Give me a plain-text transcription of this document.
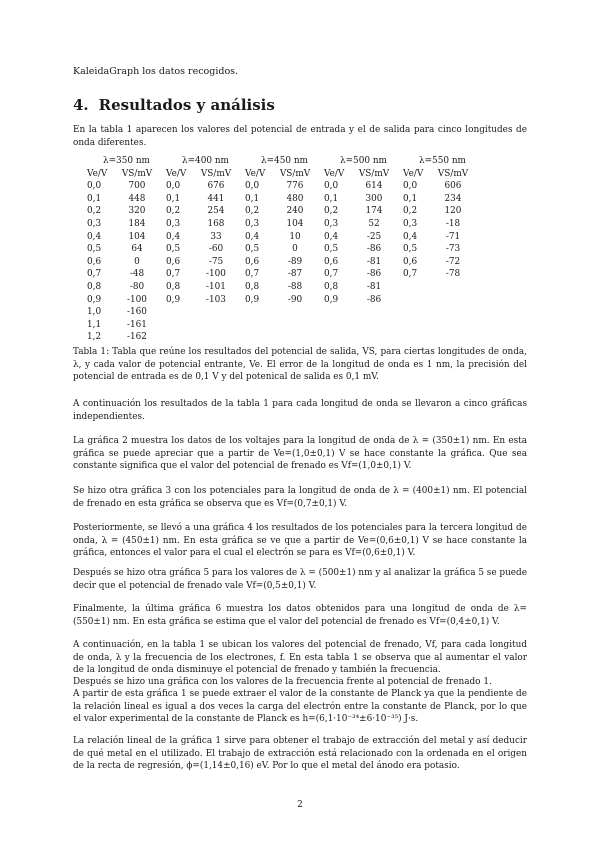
KaleidaGraph los datos recogidos.

4. Resultados y análisis

En la tabla 1 aparecen los valores del potencial de entrada y el de salida para cinco longitudes de onda diferentes.

λ=350 nm
Ve/V VS/mV
0,0	700
0,1	448
0,2	320
0,3	184
0,4	104
0,5	64
0,6	0
0,7	-48
0,8	-80
0,9	-100
1,0	-160
1,1	-161
1,2	-162
λ=400 nm
Ve/V VS/mV
0,0	676
0,1	441
0,2	254
0,3	168
0,4	33
0,5	-60
0,6	-75
0,7	-100
0,8	-101
0,9	-103
λ=450 nm
Ve/V VS/mV
0,0	776
0,1	480
0,2	240
0,3	104
0,4	10
0,5	0
0,6	-89
0,7	-87
0,8	-88
0,9	-90
λ=500 nm
Ve/V VS/mV
0,0	614
0,1	300
0,2	174
0,3	52
0,4	-25
0,5	-86
0,6	-81
0,7	-86
0,8	-81
0,9	-86
λ=550 nm
Ve/V VS/mV
0,0	606
0,1	234
0,2	120
0,3	-18
0,4	-71
0,5	-73
0,6	-72
0,7	-78

Tabla 1: Tabla que reúne los resultados del potencial de salida, VS, para ciertas longitudes de onda, λ, y cada valor de potencial entrante, Ve. El error de la longitud de onda es 1 nm, la precisión del potencial de entrada es de 0,1 V y del potenical de salida es 0,1 mV.

A continuación los resultados de la tabla 1 para cada longitud de onda se llevaron a cinco gráficas independientes.

La gráfica 2 muestra los datos de los voltajes para la longitud de onda de λ = (350±1) nm. En esta gráfica se puede apreciar que a partir de Ve=(1,0±0,1) V se hace constante la gráfica. Que sea constante significa que el valor del potencial de frenado es Vf=(1,0±0,1) V.

Se hizo otra gráfica 3 con los potenciales para la longitud de onda de λ = (400±1) nm. El potencial de frenado en esta gráfica se observa que es Vf=(0,7±0,1) V.

Posteriormente, se llevó a una gráfica 4 los resultados de los potenciales para la tercera longitud de onda, λ = (450±1) nm. En esta gráfica se ve que a partir de Ve=(0,6±0,1) V se hace constante la gráfica, entonces el valor para el cual el electrón se para es Vf=(0,6±0,1) V.

Después se hizo otra gráfica 5 para los valores de λ = (500±1) nm y al analizar la gráfica 5 se puede decir que el potencial de frenado vale Vf=(0,5±0,1) V.

Finalmente, la última gráfica 6 muestra los datos obtenidos para una longitud de onda de λ=(550±1) nm. En esta gráfica se estima que el valor del potencial de frenado es Vf=(0,4±0,1) V.

A continuación, en la tabla 1 se ubican los valores del potencial de frenado, Vf, para cada longitud de onda, λ y la frecuencia de los electrones, f. En esta tabla 1 se observa que al aumentar el valor de la longitud de onda disminuye el potencial de frenado y también la frecuencia.

Después se hizo una gráfica con los valores de la frecuencia frente al potencial de frenado 1.

A partir de esta gráfica 1 se puede extraer el valor de la constante de Planck ya que la pendiente de la relación lineal es igual a dos veces la carga del electrón entre la constante de Planck, por lo que el valor experimental de la constante de Planck es h=(6,1·10⁻³⁴±6·10⁻³⁵) J·s.

La relación lineal de la gráfica 1 sirve para obtener el trabajo de extracción del metal y así deducir de qué metal en el utilizado. El trabajo de extracción está relacionado con la ordenada en el origen de la recta de regresión, ϕ=(1,14±0,16) eV. Por lo que el metal del ánodo era potasio.

2
